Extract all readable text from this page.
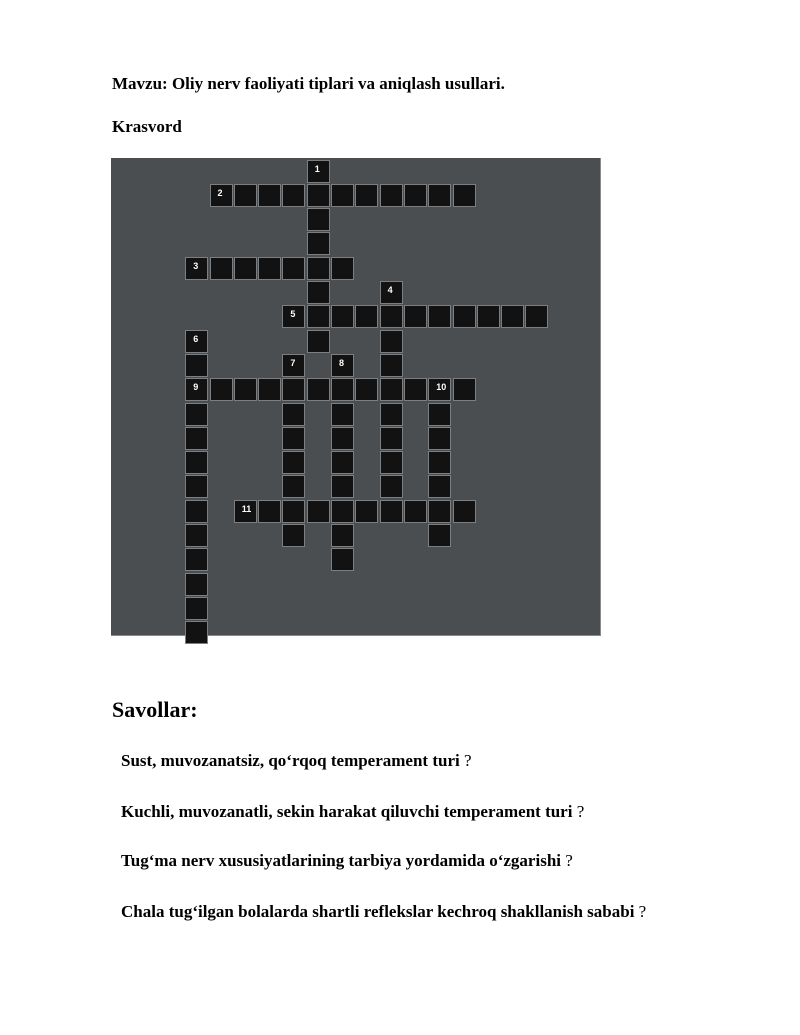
Mavzu: Oliy nerv faoliyati tiplari va aniqlash usullari.
Krasvord
1
2
3
4
5
6
9
7	8
10
11
Savollar:
Sust, muvozanatsiz, qo‘rqoq temperament turi ?
Kuchli, muvozanatli, sekin harakat qiluvchi temperament turi ?
Tug‘ma nerv xususiyatlarining tarbiya yordamida o‘zgarishi ?
Chala tug‘ilgan bolalarda shartli reflekslar kechroq shakllanish sababi ?
